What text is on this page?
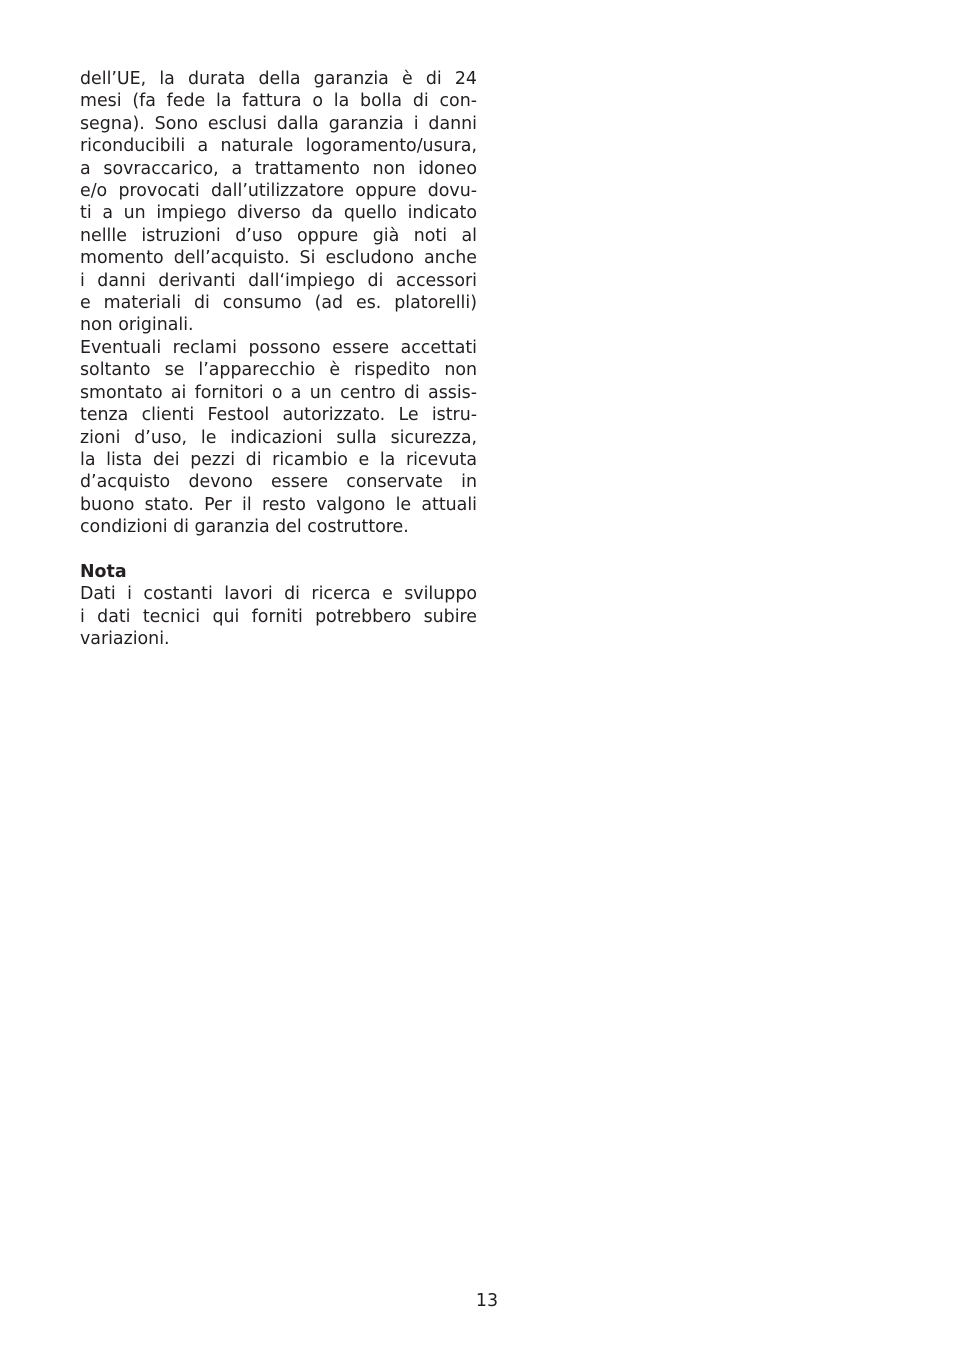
dell’UE, la durata della garanzia è di 24
mesi (fa fede la fattura o la bolla di con-
segna). Sono esclusi dalla garanzia i danni
riconducibili a naturale logoramento/usura,
a sovraccarico, a trattamento non idoneo
e/o provocati dall’utilizzatore oppure dovu-
ti a un impiego diverso da quello indicato
nellle istruzioni d’uso oppure già noti al
momento dell’acquisto. Si escludono anche
i danni derivanti dall‘impiego di accessori
e materiali di consumo (ad es. platorelli)
non originali.

Eventuali reclami possono essere accettati
soltanto se l’apparecchio è rispedito non
smontato ai fornitori o a un centro di assis-
tenza clienti Festool autorizzato. Le istru-
zioni d’uso, le indicazioni sulla sicurezza,
la lista dei pezzi di ricambio e la ricevuta
d’acquisto devono essere conservate in
buono stato. Per il resto valgono le attuali
condizioni di garanzia del costruttore.

Nota

Dati i costanti lavori di ricerca e sviluppo
i dati tecnici qui forniti potrebbero subire
variazioni.

13
